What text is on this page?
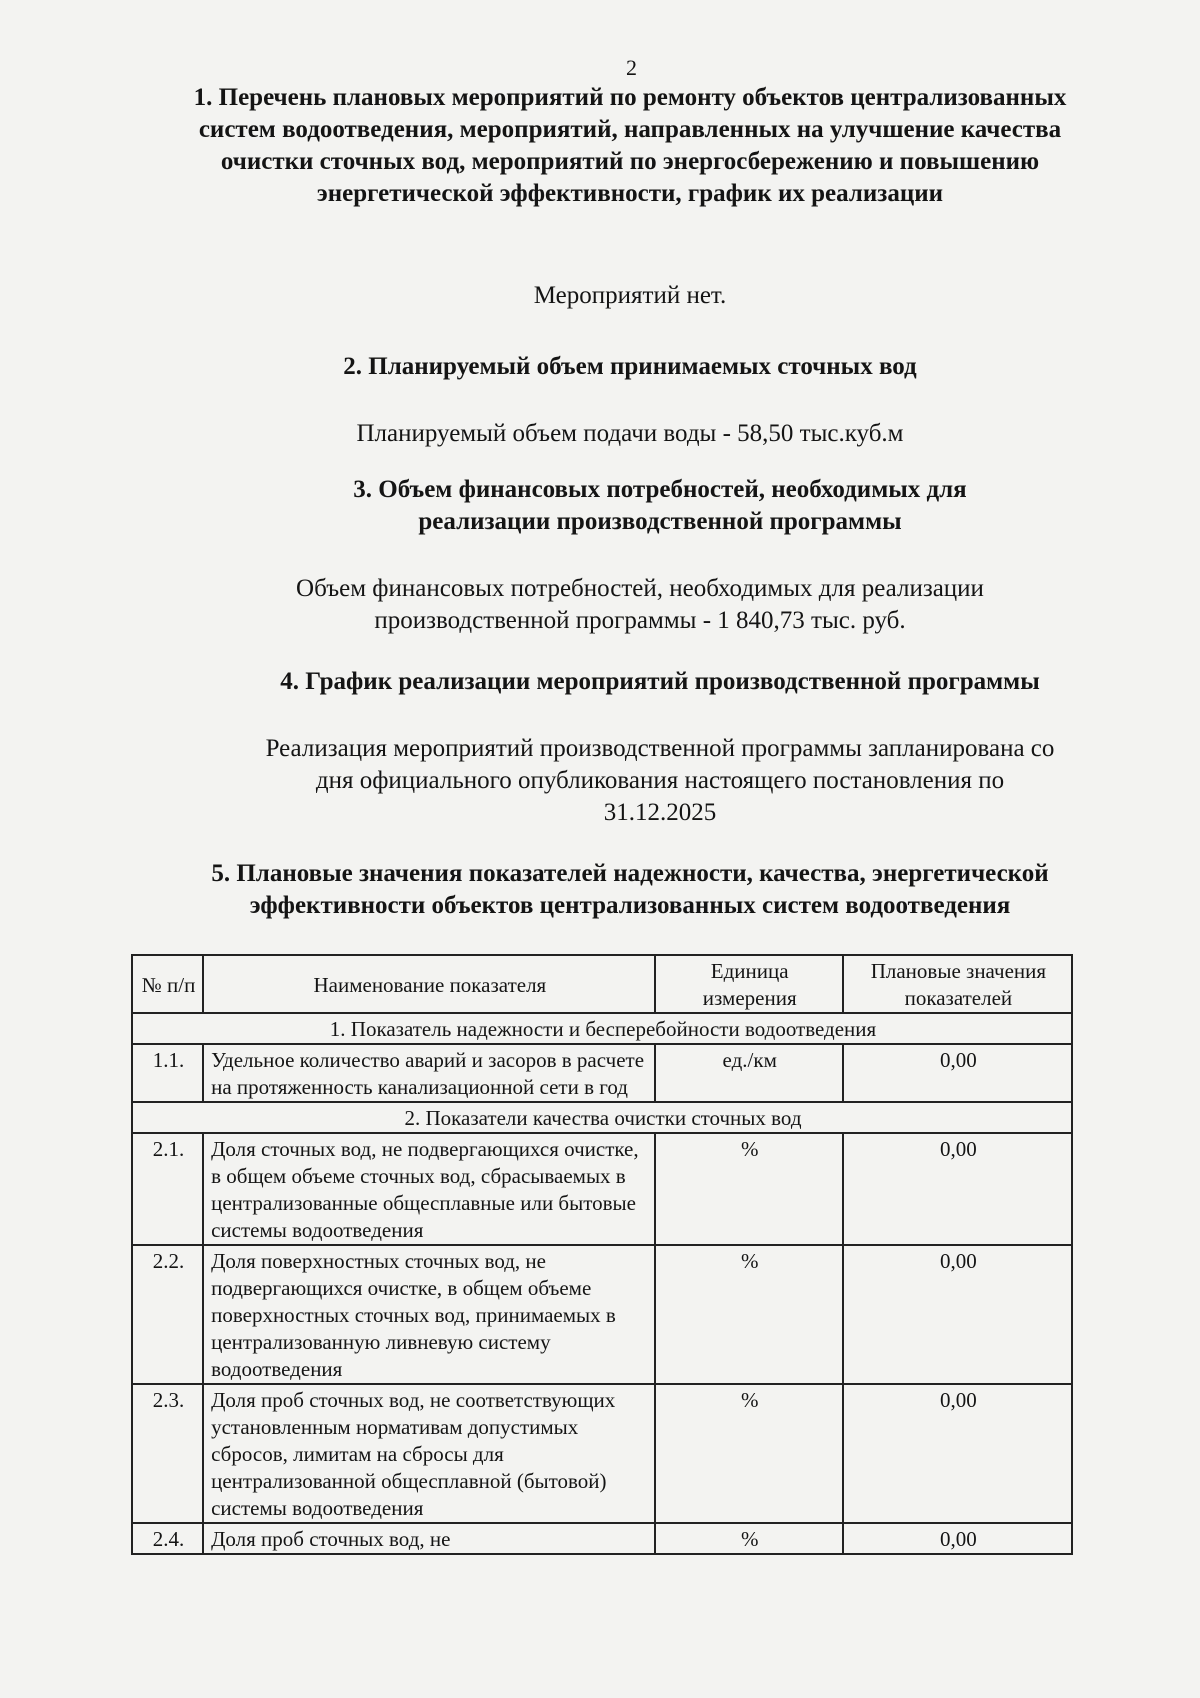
2
1. Перечень плановых мероприятий по ремонту объектов централизованных систем водоотведения, мероприятий, направленных на улучшение качества очистки сточных вод, мероприятий по энергосбережению и повышению энергетической эффективности, график их реализации
Мероприятий нет.
2. Планируемый объем принимаемых сточных вод
Планируемый объем подачи воды - 58,50 тыс.куб.м
3. Объем финансовых потребностей, необходимых для реализации производственной программы
Объем финансовых потребностей, необходимых для реализации производственной программы - 1 840,73 тыс. руб.
4. График реализации мероприятий производственной программы
Реализация мероприятий производственной программы запланирована со дня официального опубликования настоящего постановления по 31.12.2025
5. Плановые значения показателей надежности, качества, энергетической эффективности объектов централизованных систем водоотведения
№ п/п	Наименование показателя	Единица измерения	Плановые значения показателей
1. Показатель надежности и бесперебойности водоотведения			
1.1.	Удельное количество аварий и засоров в расчете на протяженность канализационной сети в год	ед./км	0,00
2. Показатели качества очистки сточных вод			
2.1.	Доля сточных вод, не подвергающихся очистке, в общем объеме сточных вод, сбрасываемых в централизованные общесплавные или бытовые системы водоотведения	%	0,00
2.2.	Доля поверхностных сточных вод, не подвергающихся очистке, в общем объеме поверхностных сточных вод, принимаемых в централизованную ливневую систему водоотведения	%	0,00
2.3.	Доля проб сточных вод, не соответствующих установленным нормативам допустимых сбросов, лимитам на сбросы для централизованной общесплавной (бытовой) системы водоотведения	%	0,00
2.4.	Доля проб сточных вод, не	%	0,00
